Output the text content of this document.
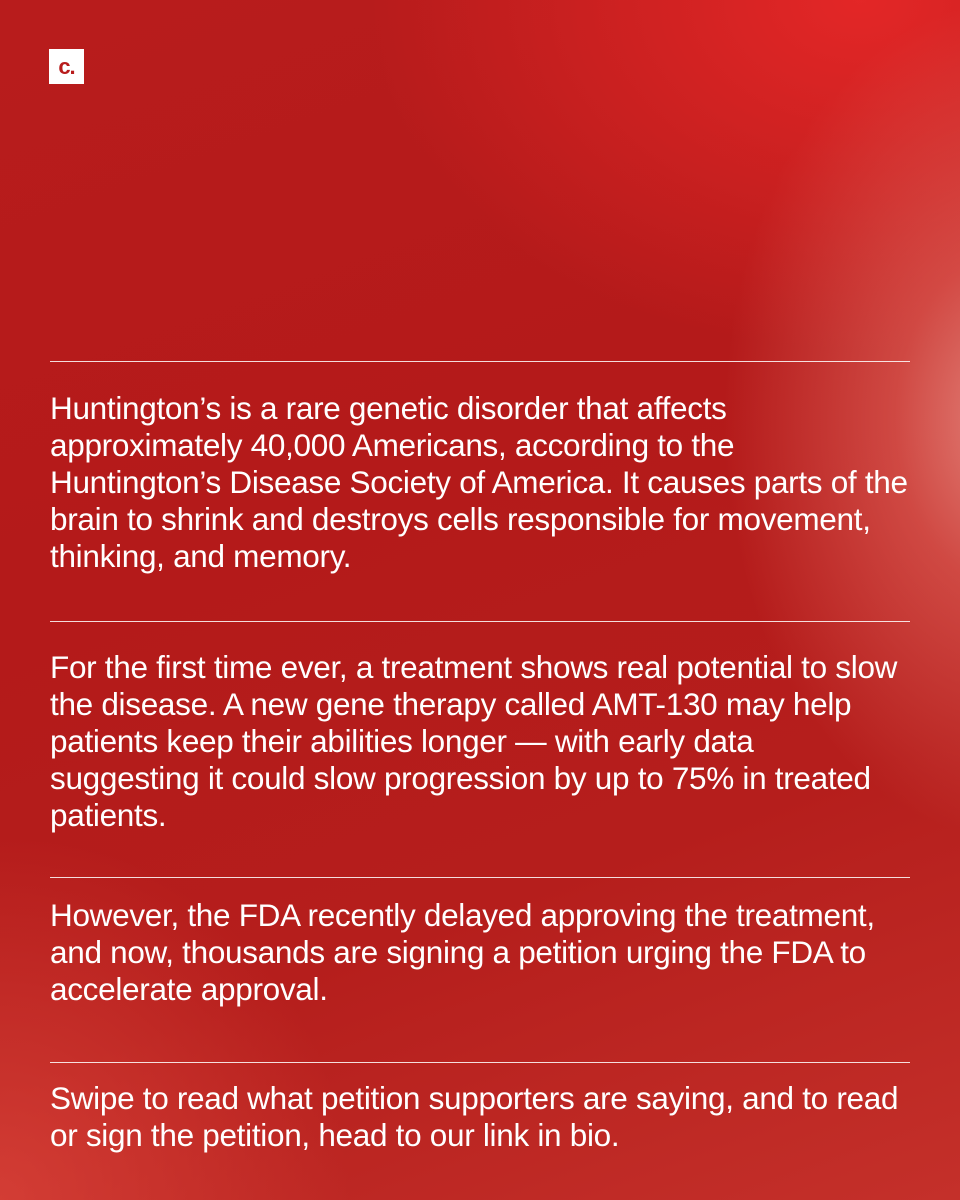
c.

Huntington’s is a rare genetic disorder that affects approximately 40,000 Americans, according to the Huntington’s Disease Society of America. It causes parts of the brain to shrink and destroys cells responsible for movement, thinking, and memory.

For the first time ever, a treatment shows real potential to slow the disease. A new gene therapy called AMT-130 may help patients keep their abilities longer — with early data suggesting it could slow progression by up to 75% in treated patients.

However, the FDA recently delayed approving the treatment, and now, thousands are signing a petition urging the FDA to accelerate approval.

Swipe to read what petition supporters are saying, and to read or sign the petition, head to our link in bio.
